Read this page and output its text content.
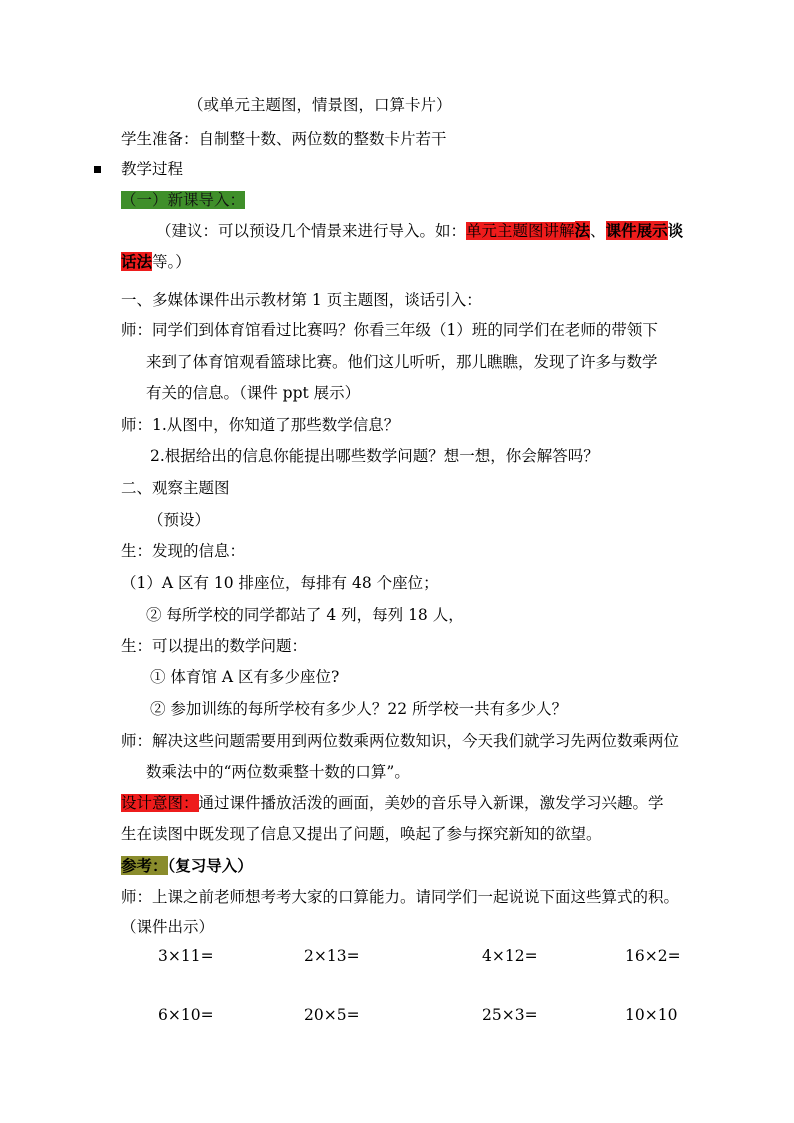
（或单元主题图，情景图，口算卡片）
学生准备：自制整十数、两位数的整数卡片若干
教学过程
（一）新课导入：
（建议：可以预设几个情景来进行导入。如：单元主题图讲解法、课件展示谈
话法等。）
一、多媒体课件出示教材第 1 页主题图，谈话引入：
师：同学们到体育馆看过比赛吗？你看三年级（1）班的同学们在老师的带领下
来到了体育馆观看篮球比赛。他们这儿听听，那儿瞧瞧，发现了许多与数学
有关的信息。（课件 ppt 展示）
师：1.从图中，你知道了那些数学信息？
2.根据给出的信息你能提出哪些数学问题？想一想，你会解答吗？
二、观察主题图
（预设）
生：发现的信息：
（1）A 区有 10 排座位，每排有 48 个座位；
② 每所学校的同学都站了 4 列，每列 18 人，
生：可以提出的数学问题：
① 体育馆 A 区有多少座位?
② 参加训练的每所学校有多少人？22 所学校一共有多少人？
师：解决这些问题需要用到两位数乘两位数知识，今天我们就学习先两位数乘两位
数乘法中的“两位数乘整十数的口算”。
设计意图：通过课件播放活泼的画面，美妙的音乐导入新课，激发学习兴趣。学
生在读图中既发现了信息又提出了问题，唤起了参与探究新知的欲望。
参考：（复习导入）
师：上课之前老师想考考大家的口算能力。请同学们一起说说下面这些算式的积。
（课件出示）
3×11=	2×13=	4×12=	16×2=
6×10=	20×5=	25×3=	10×10
